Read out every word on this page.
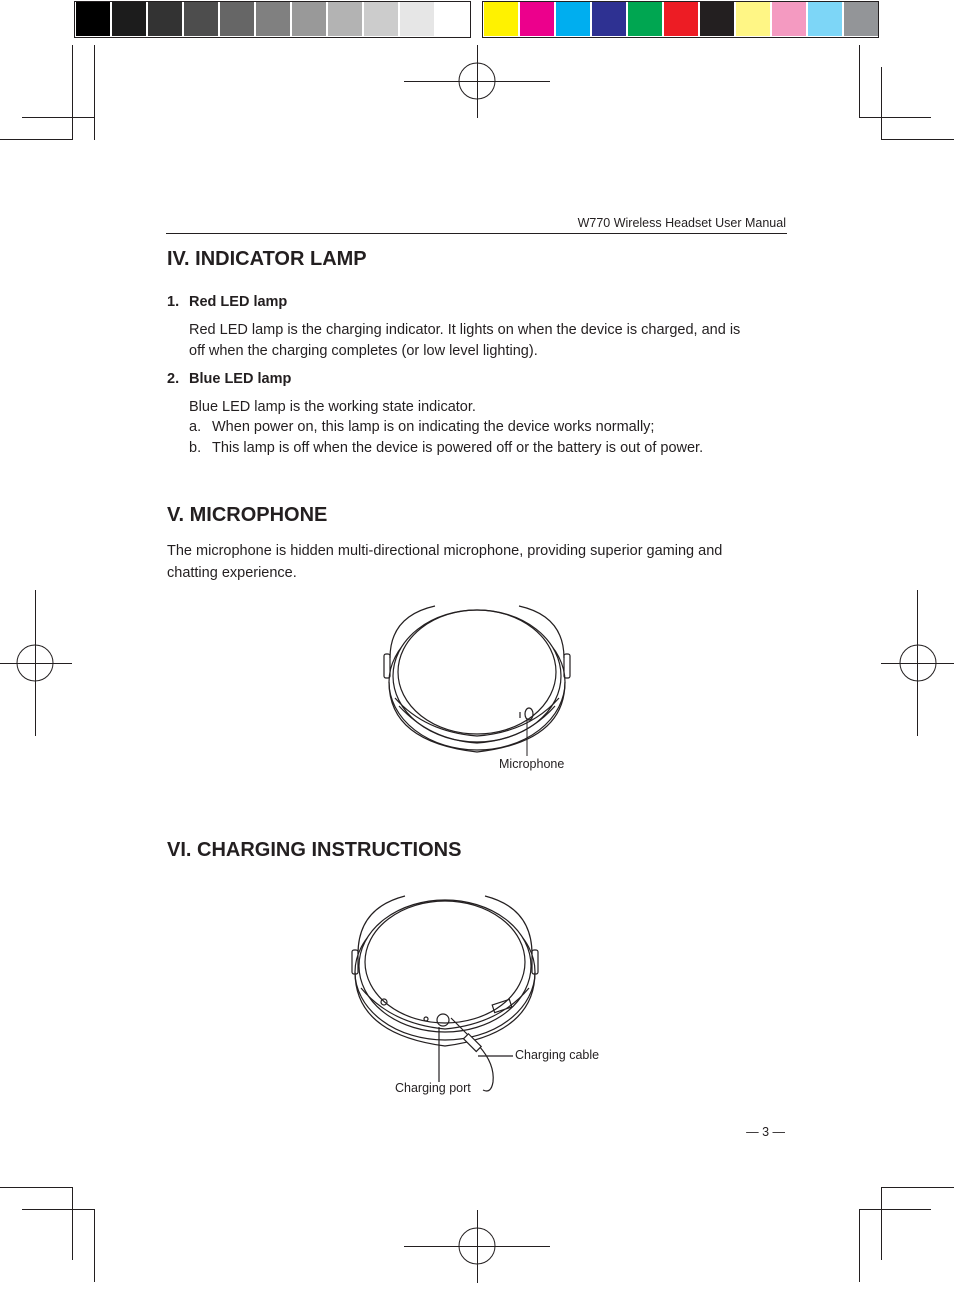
W770 Wireless Headset User Manual
IV. INDICATOR LAMP
1. Red LED lamp
Red LED lamp is the charging indicator. It lights on when the device is charged, and is
off when the charging completes (or low level lighting).
2. Blue LED lamp
Blue LED lamp is the working state indicator.
a. When power on, this lamp is on indicating the device works normally;
b. This lamp is off when the device is powered off or the battery is out of power.
V. MICROPHONE
The microphone is hidden multi-directional microphone, providing superior gaming and
chatting experience.
Microphone
VI. CHARGING INSTRUCTIONS
Charging cable
Charging port
— 3 —
